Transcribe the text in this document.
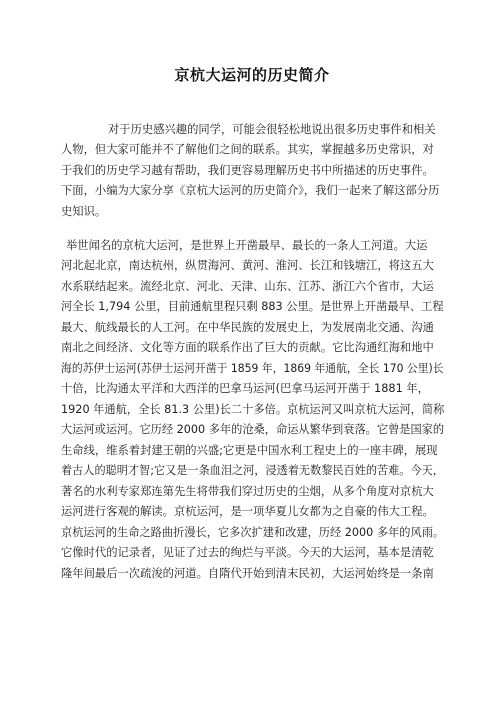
京杭大运河的历史简介
对于历史感兴趣的同学，可能会很轻松地说出很多历史事件和相关
人物，但大家可能并不了解他们之间的联系。其实，掌握越多历史常识，对
于我们的历史学习越有帮助，我们更容易理解历史书中所描述的历史事件。
下面，小编为大家分享《京杭大运河的历史简介》，我们一起来了解这部分历
史知识。
举世闻名的京杭大运河，是世界上开凿最早、最长的一条人工河道。大运
河北起北京，南达杭州，纵贯海河、黄河、淮河、长江和钱塘江，将这五大
水系联结起来。流经北京、河北、天津、山东、江苏、浙江六个省市，大运
河全长 1,794 公里，目前通航里程只剩 883 公里。是世界上开凿最早、工程
最大、航线最长的人工河。在中华民族的发展史上，为发展南北交通、沟通
南北之间经济、文化等方面的联系作出了巨大的贡献。它比沟通红海和地中
海的苏伊士运河(苏伊士运河开凿于 1859 年，1869 年通航，全长 170 公里)长
十倍，比沟通太平洋和大西洋的巴拿马运河(巴拿马运河开凿于 1881 年，
1920 年通航，全长 81.3 公里)长二十多倍。京杭运河又叫京杭大运河，简称
大运河或运河。它历经 2000 多年的沧桑，命运从繁华到衰落。它曾是国家的
生命线，维系着封建王朝的兴盛;它更是中国水利工程史上的一座丰碑，展现
着古人的聪明才智;它又是一条血泪之河，浸透着无数黎民百姓的苦难。今天，
著名的水利专家郑连第先生将带我们穿过历史的尘烟，从多个角度对京杭大
运河进行客观的解读。京杭运河，是一项华夏儿女都为之自豪的伟大工程。
京杭运河的生命之路曲折漫长，它多次扩建和改建，历经 2000 多年的风雨。
它像时代的记录者，见证了过去的绚烂与平淡。今天的大运河，基本是清乾
隆年间最后一次疏浚的河道。自隋代开始到清末民初，大运河始终是一条南
